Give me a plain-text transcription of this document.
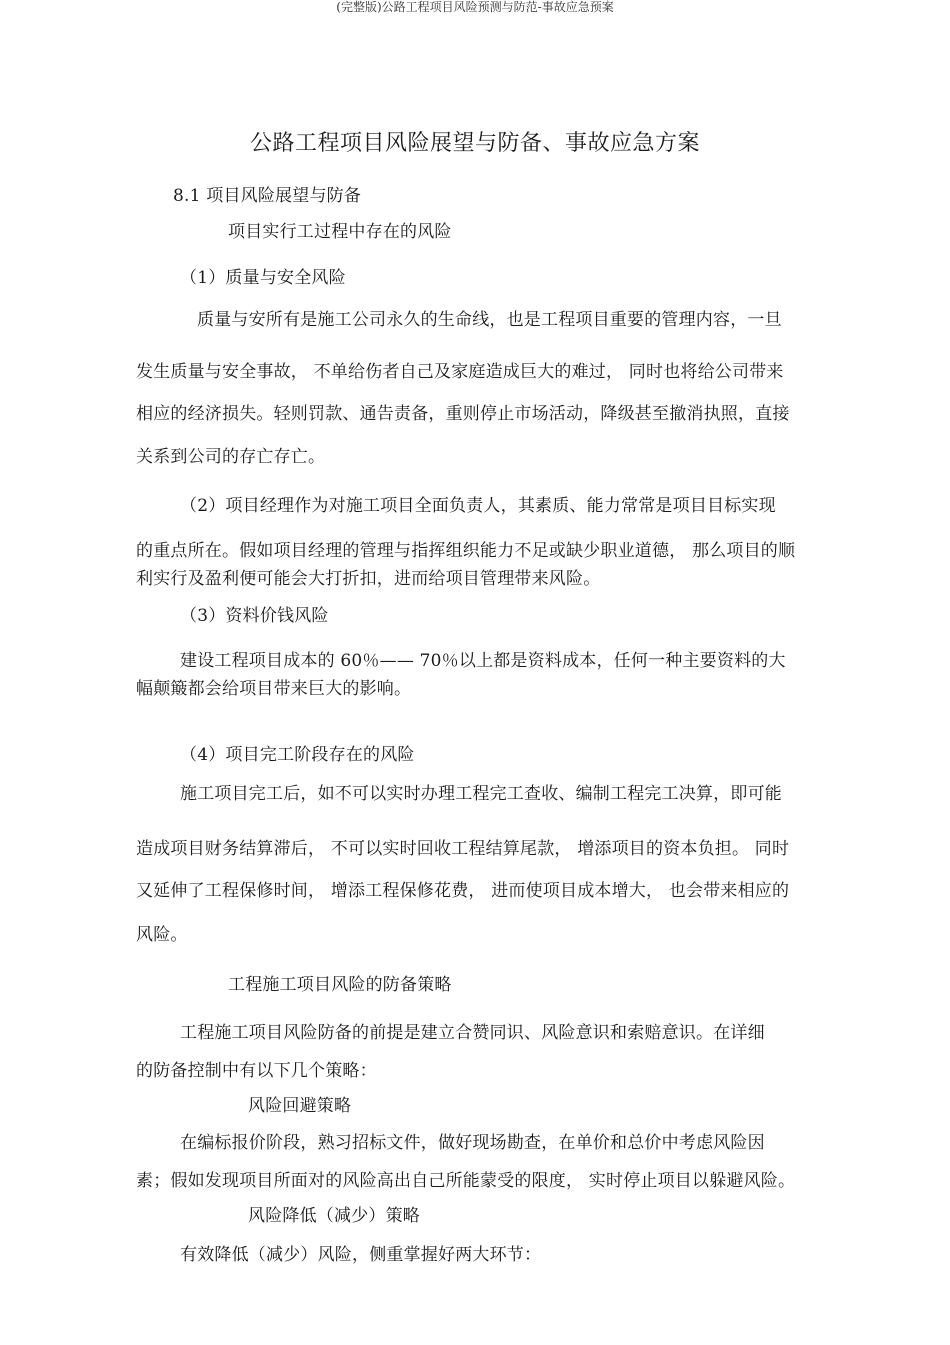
(完整版)公路工程项目风险预测与防范-事故应急预案
公路工程项目风险展望与防备、事故应急方案
8.1 项目风险展望与防备
项目实行工过程中存在的风险
（1）质量与安全风险
质量与安所有是施工公司永久的生命线，也是工程项目重要的管理内容，一旦
发生质量与安全事故， 不单给伤者自己及家庭造成巨大的难过， 同时也将给公司带来
相应的经济损失。轻则罚款、通告责备，重则停止市场活动，降级甚至撤消执照，直接
关系到公司的存亡存亡。
（2）项目经理作为对施工项目全面负责人，其素质、能力常常是项目目标实现
的重点所在。假如项目经理的管理与指挥组织能力不足或缺少职业道德， 那么项目的顺
利实行及盈利便可能会大打折扣，进而给项目管理带来风险。
（3）资料价钱风险
建设工程项目成本的 60％—— 70％以上都是资料成本，任何一种主要资料的大
幅颠簸都会给项目带来巨大的影响。
（4）项目完工阶段存在的风险
施工项目完工后，如不可以实时办理工程完工查收、编制工程完工决算，即可能
造成项目财务结算滞后， 不可以实时回收工程结算尾款， 增添项目的资本负担。 同时
又延伸了工程保修时间， 增添工程保修花费， 进而使项目成本增大， 也会带来相应的
风险。
工程施工项目风险的防备策略
工程施工项目风险防备的前提是建立合赞同识、风险意识和索赔意识。在详细
的防备控制中有以下几个策略：
风险回避策略
在编标报价阶段，熟习招标文件，做好现场勘查，在单价和总价中考虑风险因
素；假如发现项目所面对的风险高出自己所能蒙受的限度， 实时停止项目以躲避风险。
风险降低（减少）策略
有效降低（减少）风险，侧重掌握好两大环节：
